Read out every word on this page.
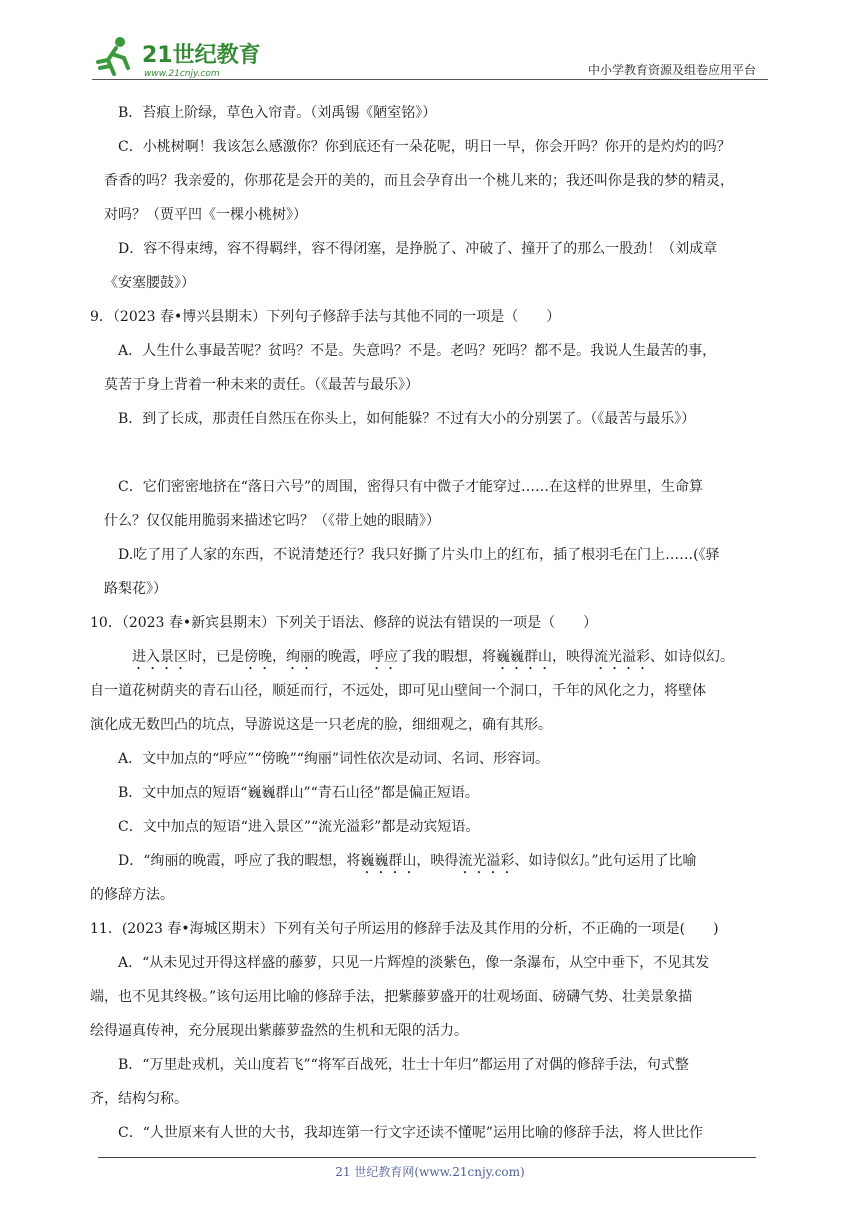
21世纪教育
www.21cnjy.com	中小学教育资源及组卷应用平台

B．苔痕上阶绿，草色入帘青。（刘禹锡《陋室铭》）

C．小桃树啊！我该怎么感激你？你到底还有一朵花呢，明日一早，你会开吗？你开的是灼灼的吗？

香香的吗？我亲爱的，你那花是会开的美的，而且会孕育出一个桃儿来的；我还叫你是我的梦的精灵，

对吗？（贾平凹《一棵小桃树》）

D．容不得束缚，容不得羁绊，容不得闭塞，是挣脱了、冲破了、撞开了的那么一股劲！（刘成章

《安塞腰鼓》）

9．（2023 春•博兴县期末）下列句子修辞手法与其他不同的一项是（　　）

A．人生什么事最苦呢？贫吗？不是。失意吗？不是。老吗？死吗？都不是。我说人生最苦的事，

莫苦于身上背着一种未来的责任。（《最苦与最乐》）

B．到了长成，那责任自然压在你头上，如何能躲？不过有大小的分别罢了。（《最苦与最乐》）

C．它们密密地挤在“落日六号”的周围，密得只有中微子才能穿过……在这样的世界里，生命算

什么？仅仅能用脆弱来描述它吗？（《带上她的眼睛》）

D.吃了用了人家的东西，不说清楚还行？我只好撕了片头巾上的红布，插了根羽毛在门上……(《驿

路梨花》）

10．（2023 春•新宾县期末）下列关于语法、修辞的说法有错误的一项是（　　）

进入景区时，已是傍晚，绚丽的晚霞，呼应了我的暇想，将巍巍群山，映得流光溢彩、如诗似幻。

自一道花树荫夹的青石山径，顺延而行，不远处，即可见山壁间一个洞口，千年的风化之力，将壁体

演化成无数凹凸的坑点，导游说这是一只老虎的脸，细细观之，确有其形。

A．文中加点的“呼应”“傍晚”“绚丽”词性依次是动词、名词、形容词。

B．文中加点的短语“巍巍群山”“青石山径”都是偏正短语。

C．文中加点的短语“进入景区”“流光溢彩”都是动宾短语。

D．“绚丽的晚霞，呼应了我的暇想，将巍巍群山，映得流光溢彩、如诗似幻。”此句运用了比喻

的修辞方法。

11．(2023 春•海城区期末）下列有关句子所运用的修辞手法及其作用的分析，不正确的一项是(　　)

A．“从未见过开得这样盛的藤萝，只见一片辉煌的淡紫色，像一条瀑布，从空中垂下，不见其发

端，也不见其终极。”该句运用比喻的修辞手法，把紫藤萝盛开的壮观场面、磅礴气势、壮美景象描

绘得逼真传神，充分展现出紫藤萝盎然的生机和无限的活力。

B．“万里赴戎机，关山度若飞”“将军百战死，壮士十年归”都运用了对偶的修辞手法，句式整

齐，结构匀称。

C．“人世原来有人世的大书，我却连第一行文字还读不懂呢”运用比喻的修辞手法，将人世比作

21 世纪教育网(www.21cnjy.com)
